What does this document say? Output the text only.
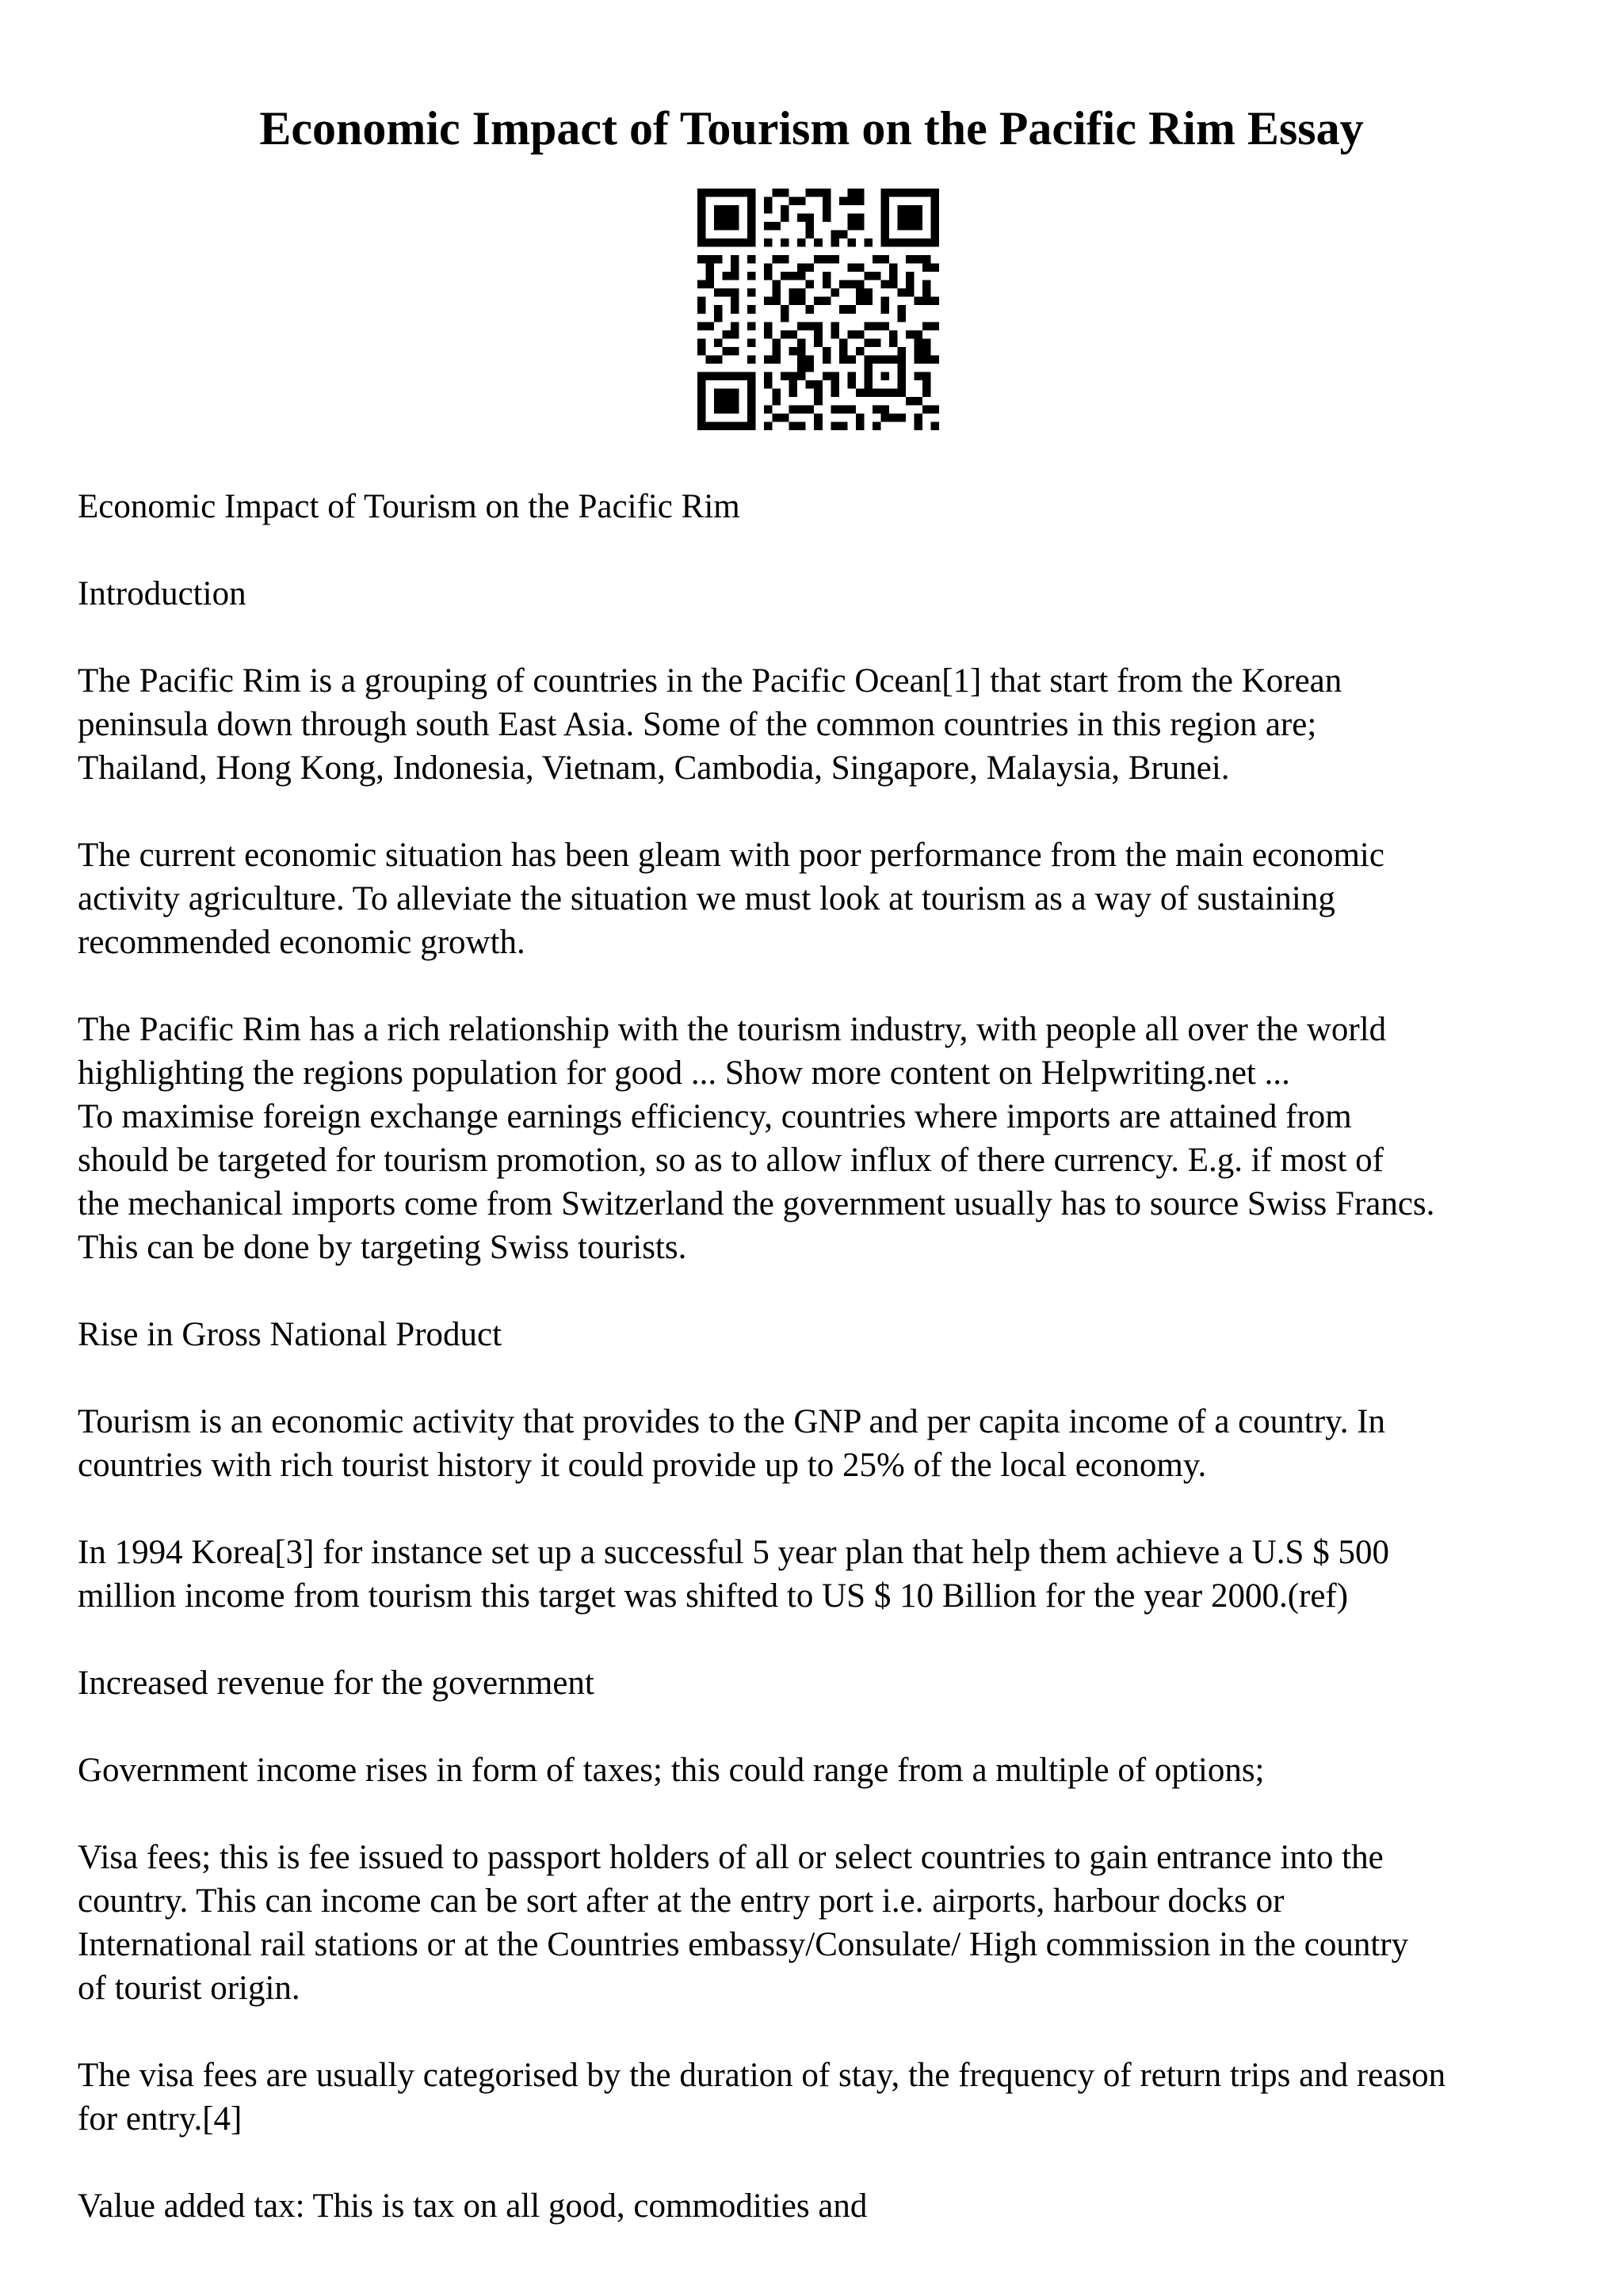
Economic Impact of Tourism on the Pacific Rim Essay

Economic Impact of Tourism on the Pacific Rim

Introduction

The Pacific Rim is a grouping of countries in the Pacific Ocean[1] that start from the Korean
peninsula down through south East Asia. Some of the common countries in this region are;
Thailand, Hong Kong, Indonesia, Vietnam, Cambodia, Singapore, Malaysia, Brunei.

The current economic situation has been gleam with poor performance from the main economic
activity agriculture. To alleviate the situation we must look at tourism as a way of sustaining
recommended economic growth.

The Pacific Rim has a rich relationship with the tourism industry, with people all over the world
highlighting the regions population for good ... Show more content on Helpwriting.net ...

To maximise foreign exchange earnings efficiency, countries where imports are attained from
should be targeted for tourism promotion, so as to allow influx of there currency. E.g. if most of
the mechanical imports come from Switzerland the government usually has to source Swiss Francs.
This can be done by targeting Swiss tourists.

Rise in Gross National Product

Tourism is an economic activity that provides to the GNP and per capita income of a country. In
countries with rich tourist history it could provide up to 25% of the local economy.

In 1994 Korea[3] for instance set up a successful 5 year plan that help them achieve a U.S $ 500
million income from tourism this target was shifted to US $ 10 Billion for the year 2000.(ref)

Increased revenue for the government

Government income rises in form of taxes; this could range from a multiple of options;

Visa fees; this is fee issued to passport holders of all or select countries to gain entrance into the
country. This can income can be sort after at the entry port i.e. airports, harbour docks or
International rail stations or at the Countries embassy/Consulate/ High commission in the country
of tourist origin.

The visa fees are usually categorised by the duration of stay, the frequency of return trips and reason
for entry.[4]

Value added tax: This is tax on all good, commodities and
